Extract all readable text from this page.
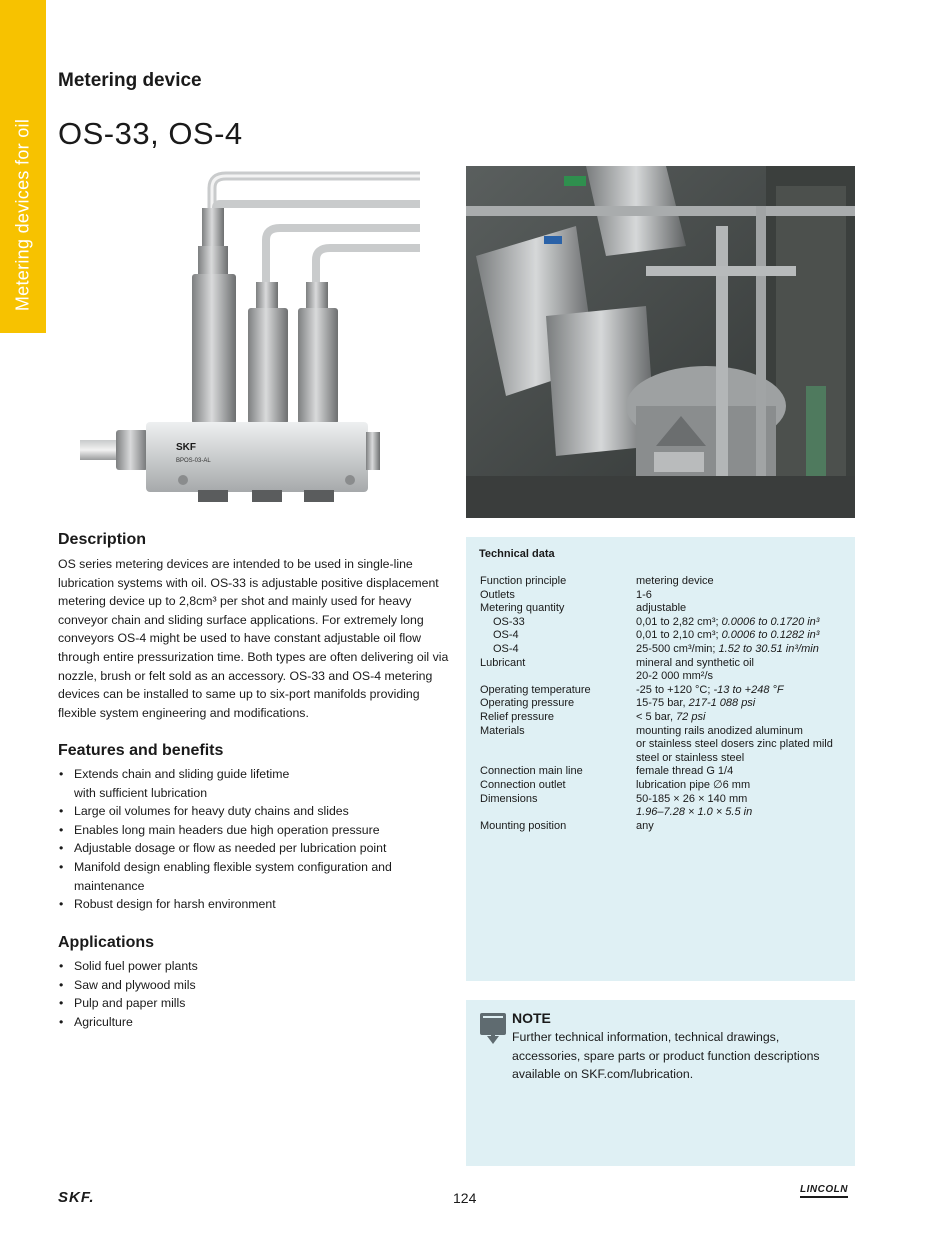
Metering devices for oil
Metering device
OS-33, OS-4
SKF
BPOS-03-AL
Description

OS series metering devices are intended to be used in single-line lubrication systems with oil. OS-33 is adjustable positive displacement metering device up to 2,8cm³ per shot and mainly used for heavy conveyor chain and sliding surface applications. For extremely long conveyors OS-4 might be used to have constant adjustable oil flow through entire pressurization time. Both types are often delivering oil via nozzle, brush or felt sold as an accessory. OS-33 and OS-4 metering devices can be installed to same up to six-port manifolds providing flexible system engineering and modifications.

Features and benefits
• Extends chain and sliding guide lifetime with sufficient lubrication
• Large oil volumes for heavy duty chains and slides
• Enables long main headers due high operation pressure
• Adjustable dosage or flow as needed per lubrication point
• Manifold design enabling flexible system configuration and maintenance
• Robust design for harsh environment
Applications
• Solid fuel power plants
• Saw and plywood mils
• Pulp and paper mills
• Agriculture
Technical data
Function principle	metering device
Outlets	1-6
Metering quantity	adjustable
OS-33	0,01 to 2,82 cm³; 0.0006 to 0.1720 in³
OS-4	0,01 to 2,10 cm³; 0.0006 to 0.1282 in³
OS-4	25-500 cm³/min; 1.52 to 30.51 in³/min
Lubricant	mineral and synthetic oil
20-2 000 mm²/s
Operating temperature	-25 to +120 °C; -13 to +248 °F
Operating pressure	15-75 bar, 217-1 088 psi
Relief pressure	< 5 bar, 72 psi
Materials	mounting rails anodized aluminum
or stainless steel dosers zinc plated mild
steel or stainless steel
Connection main line	female thread G 1/4
Connection outlet	lubrication pipe ∅6 mm
Dimensions	50-185 × 26 × 140 mm
1.96–7.28 × 1.0 × 5.5 in
Mounting position	any
NOTE
Further technical information, technical drawings, accessories, spare parts or product function descriptions available on SKF.com/lubrication.
SKF.	124
LINCOLN
